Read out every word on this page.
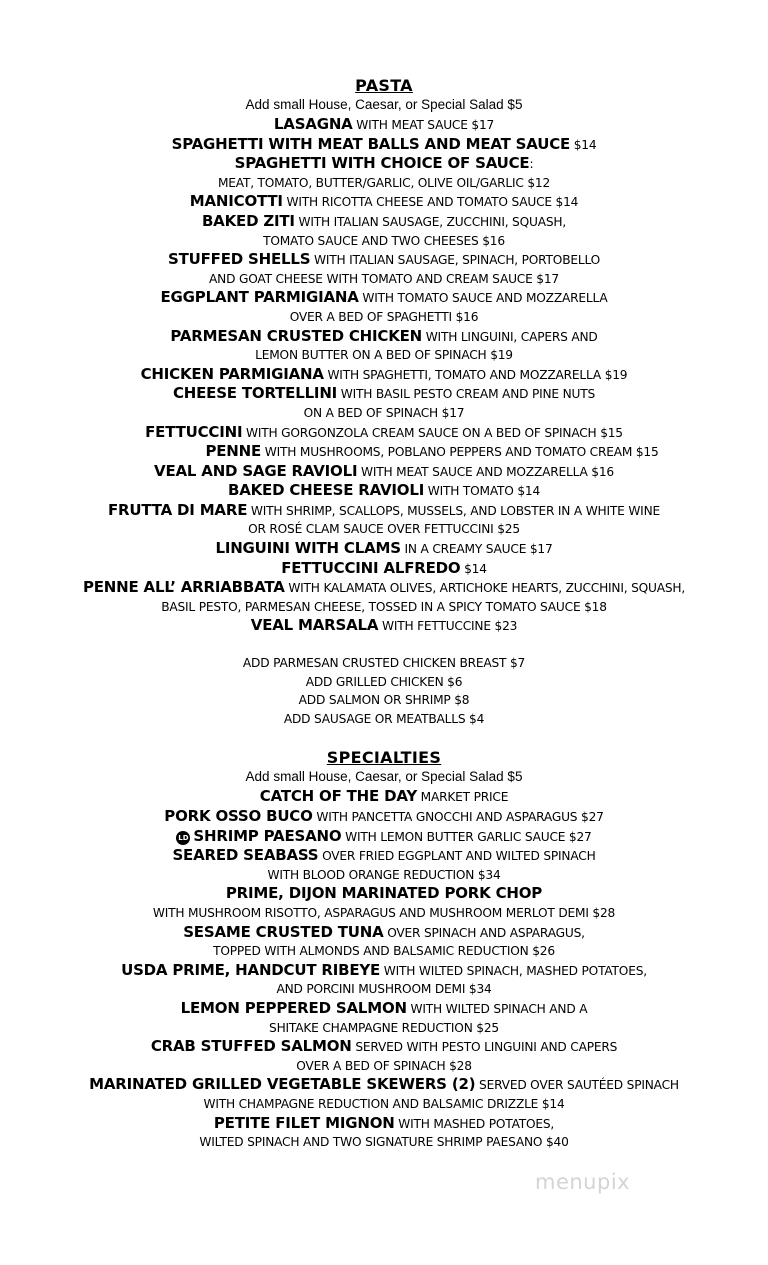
PASTA
Add small House, Caesar, or Special Salad $5
LASAGNA WITH MEAT SAUCE $17
SPAGHETTI WITH MEAT BALLS AND MEAT SAUCE $14
SPAGHETTI WITH CHOICE OF SAUCE:
MEAT, TOMATO, BUTTER/GARLIC, OLIVE OIL/GARLIC $12
MANICOTTI WITH RICOTTA CHEESE AND TOMATO SAUCE $14
BAKED ZITI WITH ITALIAN SAUSAGE, ZUCCHINI, SQUASH,
TOMATO SAUCE AND TWO CHEESES $16
STUFFED SHELLS WITH ITALIAN SAUSAGE, SPINACH, PORTOBELLO
AND GOAT CHEESE WITH TOMATO AND CREAM SAUCE $17
EGGPLANT PARMIGIANA WITH TOMATO SAUCE AND MOZZARELLA
OVER A BED OF SPAGHETTI $16
PARMESAN CRUSTED CHICKEN WITH LINGUINI, CAPERS AND
LEMON BUTTER ON A BED OF SPINACH $19
CHICKEN PARMIGIANA WITH SPAGHETTI, TOMATO AND MOZZARELLA $19
CHEESE TORTELLINI WITH BASIL PESTO CREAM AND PINE NUTS
ON A BED OF SPINACH $17
FETTUCCINI WITH GORGONZOLA CREAM SAUCE ON A BED OF SPINACH $15
PENNE WITH MUSHROOMS, POBLANO PEPPERS AND TOMATO CREAM $15
VEAL AND SAGE RAVIOLI WITH MEAT SAUCE AND MOZZARELLA $16
BAKED CHEESE RAVIOLI WITH TOMATO $14
FRUTTA DI MARE WITH SHRIMP, SCALLOPS, MUSSELS, AND LOBSTER IN A WHITE WINE
OR ROSÉ CLAM SAUCE OVER FETTUCCINI $25
LINGUINI WITH CLAMS IN A CREAMY SAUCE $17
FETTUCCINI ALFREDO $14
PENNE ALL’ ARRIABBATA WITH KALAMATA OLIVES, ARTICHOKE HEARTS, ZUCCHINI, SQUASH,
BASIL PESTO, PARMESAN CHEESE, TOSSED IN A SPICY TOMATO SAUCE $18
VEAL MARSALA WITH FETTUCCINE $23
ADD PARMESAN CRUSTED CHICKEN BREAST $7
ADD GRILLED CHICKEN $6
ADD SALMON OR SHRIMP $8
ADD SAUSAGE OR MEATBALLS $4
SPECIALTIES
Add small House, Caesar, or Special Salad $5
CATCH OF THE DAY MARKET PRICE
PORK OSSO BUCO WITH PANCETTA GNOCCHI AND ASPARAGUS $27
LD SHRIMP PAESANO WITH LEMON BUTTER GARLIC SAUCE $27
SEARED SEABASS OVER FRIED EGGPLANT AND WILTED SPINACH
WITH BLOOD ORANGE REDUCTION $34
PRIME, DIJON MARINATED PORK CHOP
WITH MUSHROOM RISOTTO, ASPARAGUS AND MUSHROOM MERLOT DEMI $28
SESAME CRUSTED TUNA OVER SPINACH AND ASPARAGUS,
TOPPED WITH ALMONDS AND BALSAMIC REDUCTION $26
USDA PRIME, HANDCUT RIBEYE WITH WILTED SPINACH, MASHED POTATOES,
AND PORCINI MUSHROOM DEMI $34
LEMON PEPPERED SALMON WITH WILTED SPINACH AND A
SHITAKE CHAMPAGNE REDUCTION $25
CRAB STUFFED SALMON SERVED WITH PESTO LINGUINI AND CAPERS
OVER A BED OF SPINACH $28
MARINATED GRILLED VEGETABLE SKEWERS (2) SERVED OVER SAUTÉED SPINACH
WITH CHAMPAGNE REDUCTION AND BALSAMIC DRIZZLE $14
PETITE FILET MIGNON WITH MASHED POTATOES,
WILTED SPINACH AND TWO SIGNATURE SHRIMP PAESANO $40
menupix
